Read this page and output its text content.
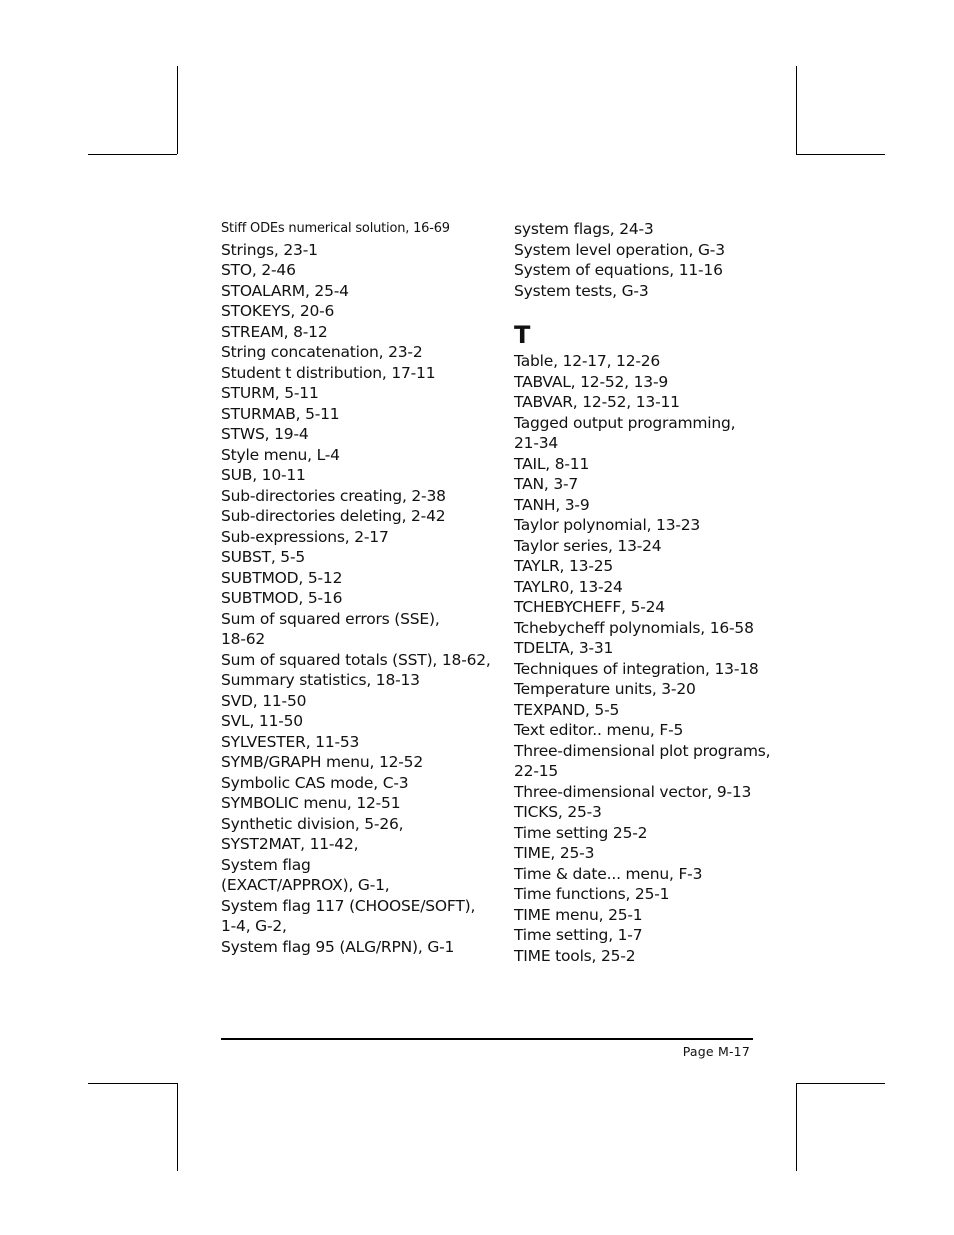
Stiff ODEs numerical solution, 16-69
Strings, 23-1
STO, 2-46
STOALARM, 25-4
STOKEYS, 20-6
STREAM, 8-12
String concatenation, 23-2
Student t distribution, 17-11
STURM, 5-11
STURMAB, 5-11
STWS, 19-4
Style menu, L-4
SUB, 10-11
Sub-directories creating, 2-38
Sub-directories deleting, 2-42
Sub-expressions, 2-17
SUBST, 5-5
SUBTMOD, 5-12
SUBTMOD, 5-16
Sum of squared errors (SSE),
18-62
Sum of squared totals (SST), 18-62,
Summary statistics, 18-13
SVD, 11-50
SVL, 11-50
SYLVESTER, 11-53
SYMB/GRAPH menu, 12-52
Symbolic CAS mode, C-3
SYMBOLIC menu, 12-51
Synthetic division, 5-26,
SYST2MAT, 11-42,
System flag
(EXACT/APPROX), G-1,
System flag 117 (CHOOSE/SOFT),
1-4, G-2,
System flag 95 (ALG/RPN), G-1
system flags, 24-3
System level operation, G-3
System of equations, 11-16
System tests, G-3
T
Table, 12-17, 12-26
TABVAL, 12-52, 13-9
TABVAR, 12-52, 13-11
Tagged output programming,
21-34
TAIL, 8-11
TAN, 3-7
TANH, 3-9
Taylor polynomial, 13-23
Taylor series, 13-24
TAYLR, 13-25
TAYLR0, 13-24
TCHEBYCHEFF, 5-24
Tchebycheff polynomials, 16-58
TDELTA, 3-31
Techniques of integration, 13-18
Temperature units, 3-20
TEXPAND, 5-5
Text editor.. menu, F-5
Three-dimensional plot programs,
22-15
Three-dimensional vector, 9-13
TICKS, 25-3
Time setting 25-2
TIME, 25-3
Time & date... menu, F-3
Time functions, 25-1
TIME menu, 25-1
Time setting, 1-7
TIME tools, 25-2
Page M-17
